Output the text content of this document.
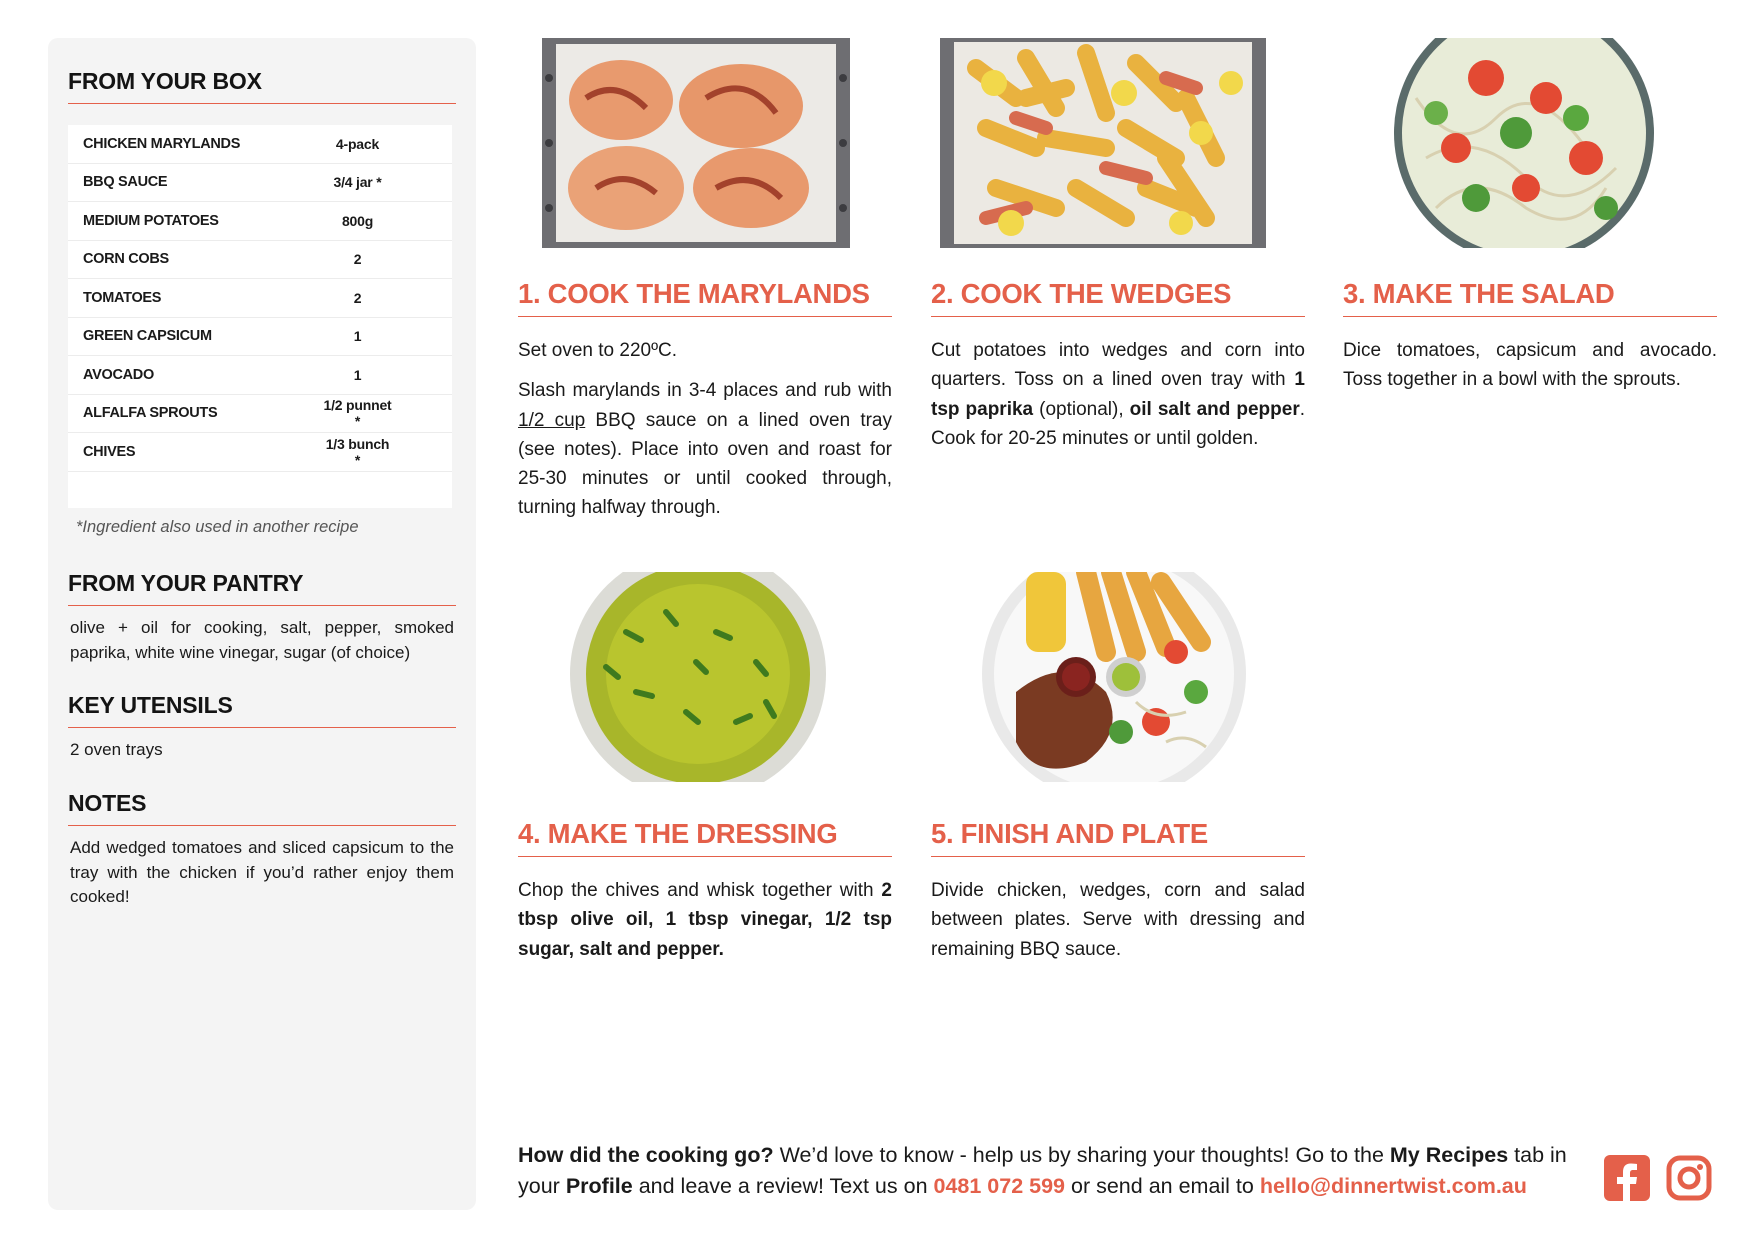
FROM YOUR BOX
CHICKEN MARYLANDS	4-pack
BBQ SAUCE	3/4 jar *
MEDIUM POTATOES	800g
CORN COBS	2
TOMATOES	2
GREEN CAPSICUM	1
AVOCADO	1
ALFALFA SPROUTS	1/2 punnet *
CHIVES	1/3 bunch *
*Ingredient also used in another recipe
FROM YOUR PANTRY

olive + oil for cooking, salt, pepper, smoked paprika, white wine vinegar, sugar (of choice)

KEY UTENSILS

2 oven trays

NOTES

Add wedged tomatoes and sliced capsicum to the tray with the chicken if you’d rather enjoy them cooked!

1. COOK THE MARYLANDS

Set oven to 220ºC.

Slash marylands in 3-4 places and rub with 1/2 cup BBQ sauce on a lined oven tray (see notes). Place into oven and roast for 25-30 minutes or until cooked through, turning halfway through.

2. COOK THE WEDGES

Cut potatoes into wedges and corn into quarters. Toss on a lined oven tray with 1 tsp paprika (optional), oil salt and pepper. Cook for 20-25 minutes or until golden.

3. MAKE THE SALAD

Dice tomatoes, capsicum and avocado. Toss together in a bowl with the sprouts.

4. MAKE THE DRESSING

Chop the chives and whisk together with 2 tbsp olive oil, 1 tbsp vinegar, 1/2 tsp sugar, salt and pepper.

5. FINISH AND PLATE

Divide chicken, wedges, corn and salad between plates. Serve with dressing and remaining BBQ sauce.

How did the cooking go? We’d love to know - help us by sharing your thoughts! Go to the My Recipes tab in your Profile and leave a review! Text us on 0481 072 599 or send an email to hello@dinnertwist.com.au
